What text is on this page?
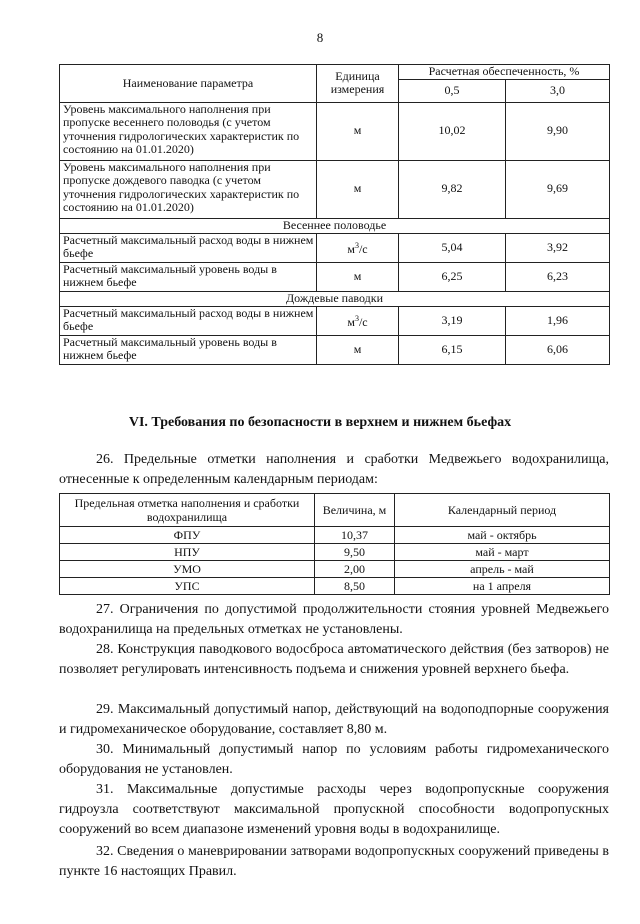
8
Наименование параметра	Единица измерения	Расчетная обеспеченность, %	
		0,5	3,0
Уровень максимального наполнения при пропуске весеннего половодья (с учетом уточнения гидрологических характеристик по состоянию на 01.01.2020)	м	10,02	9,90
Уровень максимального наполнения при пропуске дождевого паводка (с учетом уточнения гидрологических характеристик по состоянию на 01.01.2020)	м	9,82	9,69
Весеннее половодье			
Расчетный максимальный расход воды в нижнем бьефе	$м^3/с$	5,04	3,92
Расчетный максимальный уровень воды в нижнем бьефе	м	6,25	6,23
Дождевые паводки			
Расчетный максимальный расход воды в нижнем бьефе	$м^3/с$	3,19	1,96
Расчетный максимальный уровень воды в нижнем бьефе	м	6,15	6,06
VI. Требования по безопасности в верхнем и нижнем бьефах
26. Предельные отметки наполнения и сработки Медвежьего водохранилища, отнесенные к определенным календарным периодам:
Предельная отметка наполнения и сработки водохранилища	Величина, м	Календарный период
ФПУ	10,37	май - октябрь
НПУ	9,50	май - март
УМО	2,00	апрель - май
УПС	8,50	на 1 апреля
27. Ограничения по допустимой продолжительности стояния уровней Медвежьего водохранилища на предельных отметках не установлены.
28. Конструкция паводкового водосброса автоматического действия (без затворов) не позволяет регулировать интенсивность подъема и снижения уровней верхнего бьефа.
29. Максимальный допустимый напор, действующий на водоподпорные сооружения и гидромеханическое оборудование, составляет 8,80 м.
30. Минимальный допустимый напор по условиям работы гидромеханического оборудования не установлен.
31. Максимальные допустимые расходы через водопропускные сооружения гидроузла соответствуют максимальной пропускной способности водопропускных сооружений во всем диапазоне изменений уровня воды в водохранилище.
32. Сведения о маневрировании затворами водопропускных сооружений приведены в пункте 16 настоящих Правил.
